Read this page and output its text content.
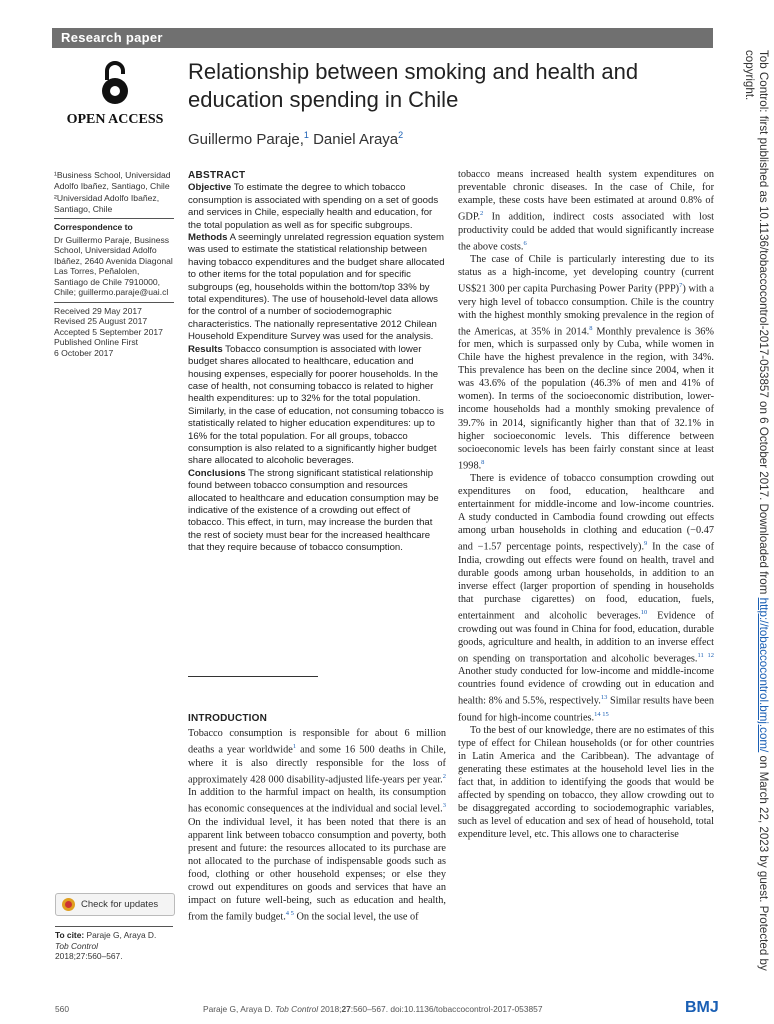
Research paper
OPEN ACCESS
Relationship between smoking and health and education spending in Chile
Guillermo Paraje,$^1$ Daniel Araya$^2$

¹Business School, Universidad Adolfo Ibañez, Santiago, Chile

²Universidad Adolfo Ibañez, Santiago, Chile

Correspondence to

Dr Guillermo Paraje, Business School, Universidad Adolfo Ibáñez, 2640 Avenida Diagonal Las Torres, Peñalolen, Santiago de Chile 7910000, Chile; guillermo.paraje@uai.cl

Received 29 May 2017
Revised 25 August 2017
Accepted 5 September 2017
Published Online First
6 October 2017

ABSTRACT

Objective To estimate the degree to which tobacco consumption is associated with spending on a set of goods and services in Chile, especially health and education, for the total population as well as for specific subgroups.

Methods A seemingly unrelated regression equation system was used to estimate the statistical relationship between having tobacco expenditures and the budget share allocated to other items for the total population and for specific subgroups (eg, households within the bottom/top 33% by total expenditures). The use of household-level data allows for the control of a number of sociodemographic characteristics. The nationally representative 2012 Chilean Household Expenditure Survey was used for the analysis.

Results Tobacco consumption is associated with lower budget shares allocated to healthcare, education and housing expenses, especially for poorer households. In the case of health, not consuming tobacco is related to higher health expenditures: up to 32% for the total population. Similarly, in the case of education, not consuming tobacco is statistically related to higher education expenditures: up to 16% for the total population. For all groups, tobacco consumption is also related to a significantly higher budget share allocated to alcoholic beverages.

Conclusions The strong significant statistical relationship found between tobacco consumption and resources allocated to healthcare and education consumption may be indicative of the existence of a crowding out effect of tobacco. This effect, in turn, may increase the burden that the rest of society must bear for the increased healthcare that they require because of tobacco consumption.

INTRODUCTION
Tobacco consumption is responsible for about 6 million deaths a year worldwide$^1$ and some 16 500 deaths in Chile, where it is also directly responsible for the loss of approximately 428 000 disability-adjusted life-years per year.$^2$ In addition to the harmful impact on health, its consumption has economic consequences at the individual and social level.$^3$ On the individual level, it has been noted that there is an apparent link between tobacco consumption and poverty, both present and future: the resources allocated to its purchase are not allocated to the purchase of indispensable goods such as food, clothing or other household expenses; or else they crowd out expenditures on goods and services that have an impact on future well-being, such as education and health, from the family budget.$^{4 5}$ On the social level, the use of

tobacco means increased health system expenditures on preventable chronic diseases. In the case of Chile, for example, these costs have been estimated at around 0.8% of GDP.$^2$ In addition, indirect costs associated with lost productivity could be added that would significantly increase the above costs.$^6$

The case of Chile is particularly interesting due to its status as a high-income, yet developing country (current US$21 300 per capita Purchasing Power Parity (PPP)$^7$) with a very high level of tobacco consumption. Chile is the country with the highest monthly smoking prevalence in the region of the Americas, at 35% in 2014.$^8$ Monthly prevalence is 36% for men, which is surpassed only by Cuba, while women in Chile have the highest prevalence in the region, with 34%. This prevalence has been on the decline since 2004, when it was 43.6% of the population (46.3% of men and 41% of women). In terms of the socioeconomic distribution, lower-income households had a monthly smoking prevalence of 39.7% in 2014, significantly higher than that of 32.1% in higher socioeconomic levels. This difference between socioeconomic levels has been fairly constant since at least 1998.$^8$

There is evidence of tobacco consumption crowding out expenditures on food, education, healthcare and entertainment for middle-income and low-income countries. A study conducted in Cambodia found crowding out effects among urban households in clothing and education (−0.47 and −1.57 percentage points, respectively).$^9$ In the case of India, crowding out effects were found on health, travel and durable goods among urban households, in addition to an inverse effect (larger proportion of spending in households that purchase cigarettes) on food, education, fuels, entertainment and alcoholic beverages.$^{10}$ Evidence of crowding out was found in China for food, education, durable goods, agriculture and health, in addition to an inverse effect on spending on transportation and alcoholic beverages.$^{11 12}$ Another study conducted for low-income and middle-income countries found evidence of crowding out in education and health: 8% and 5.5%, respectively.$^{13}$ Similar results have been found for high-income countries.$^{14 15}$

To the best of our knowledge, there are no estimates of this type of effect for Chilean households (or for other countries in Latin America and the Caribbean). The advantage of generating these estimates at the household level lies in the fact that, in addition to identifying the goods that would be affected by spending on tobacco, they allow crowding out to be disaggregated according to sociodemographic variables, such as level of education and sex of head of household, total expenditure level, etc. This allows one to characterise

Check for updates
To cite: Paraje G, Araya D.
Tob Control
2018;27:560–567.
560	Paraje G, Araya D. Tob Control 2018;27:560–567. doi:10.1136/tobaccocontrol-2017-053857	BMJ
Tob Control: first published as 10.1136/tobaccocontrol-2017-053857 on 6 October 2017. Downloaded from http://tobaccocontrol.bmj.com/ on March 22, 2023 by guest. Protected by copyright.
